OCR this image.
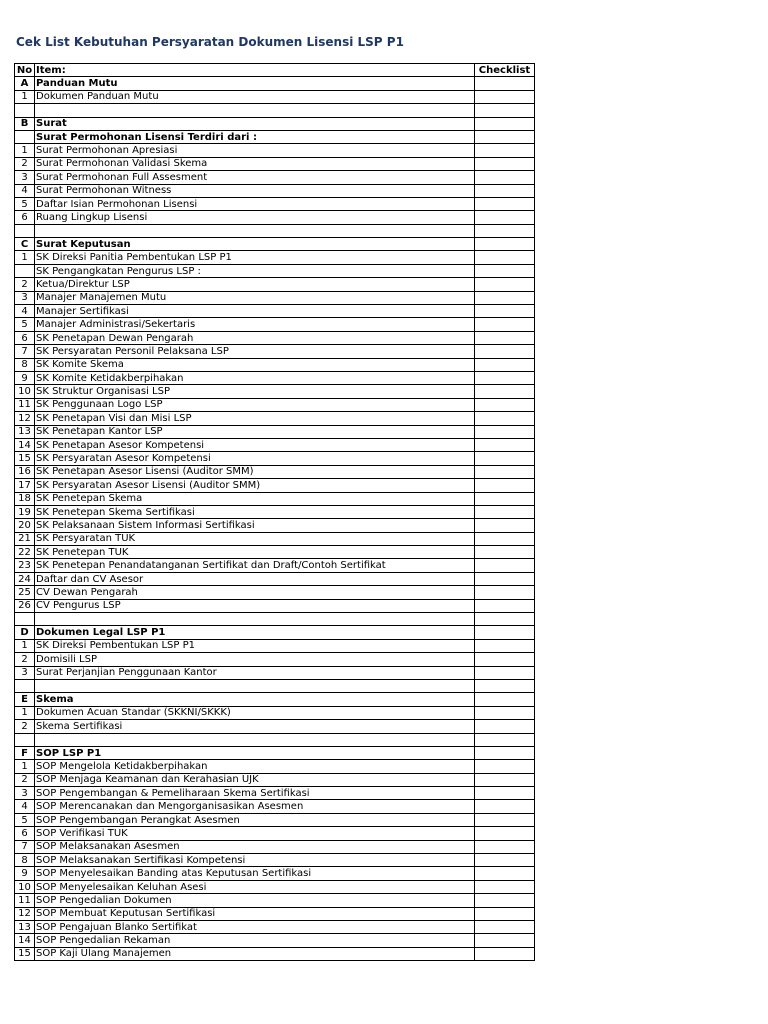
Cek List Kebutuhan Persyaratan Dokumen Lisensi LSP P1
No	Item:	Checklist
A	Panduan Mutu	
1	Dokumen Panduan Mutu	

B	Surat	
	Surat Permohonan Lisensi Terdiri dari :	
1	Surat Permohonan Apresiasi	
2	Surat Permohonan Validasi Skema	
3	Surat Permohonan Full Assesment	
4	Surat Permohonan Witness	
5	Daftar Isian Permohonan Lisensi	
6	Ruang Lingkup Lisensi	

C	Surat Keputusan	
1	SK Direksi Panitia Pembentukan LSP P1	
	SK Pengangkatan Pengurus LSP :	
2	Ketua/Direktur LSP	
3	Manajer Manajemen Mutu	
4	Manajer Sertifikasi	
5	Manajer Administrasi/Sekertaris	
6	SK Penetapan Dewan Pengarah	
7	SK Persyaratan Personil Pelaksana LSP	
8	SK Komite Skema	
9	SK Komite Ketidakberpihakan	
10	SK Struktur Organisasi LSP	
11	SK Penggunaan Logo LSP	
12	SK Penetapan Visi dan Misi LSP	
13	SK Penetapan Kantor LSP	
14	SK Penetapan Asesor Kompetensi	
15	SK Persyaratan Asesor Kompetensi	
16	SK Penetapan Asesor Lisensi (Auditor SMM)	
17	SK Persyaratan Asesor Lisensi (Auditor SMM)	
18	SK Penetepan Skema	
19	SK Penetepan Skema Sertifikasi	
20	SK Pelaksanaan Sistem Informasi Sertifikasi	
21	SK Persyaratan TUK	
22	SK Penetepan TUK	
23	SK Penetepan Penandatanganan Sertifikat dan Draft/Contoh Sertifikat	
24	Daftar dan CV Asesor	
25	CV Dewan Pengarah	
26	CV Pengurus LSP	

D	Dokumen Legal LSP P1	
1	SK Direksi Pembentukan LSP P1	
2	Domisili LSP	
3	Surat Perjanjian Penggunaan Kantor	

E	Skema	
1	Dokumen Acuan Standar (SKKNI/SKKK)	
2	Skema Sertifikasi	

F	SOP LSP P1	
1	SOP Mengelola Ketidakberpihakan	
2	SOP Menjaga Keamanan dan Kerahasian UJK	
3	SOP Pengembangan & Pemeliharaan Skema Sertifikasi	
4	SOP Merencanakan dan Mengorganisasikan Asesmen	
5	SOP Pengembangan Perangkat Asesmen	
6	SOP Verifikasi TUK	
7	SOP Melaksanakan Asesmen	
8	SOP Melaksanakan Sertifikasi Kompetensi	
9	SOP Menyelesaikan Banding atas Keputusan Sertifikasi	
10	SOP Menyelesaikan Keluhan Asesi	
11	SOP Pengedalian Dokumen	
12	SOP Membuat Keputusan Sertifikasi	
13	SOP Pengajuan Blanko Sertifikat	
14	SOP Pengedalian Rekaman	
15	SOP Kaji Ulang Manajemen	
